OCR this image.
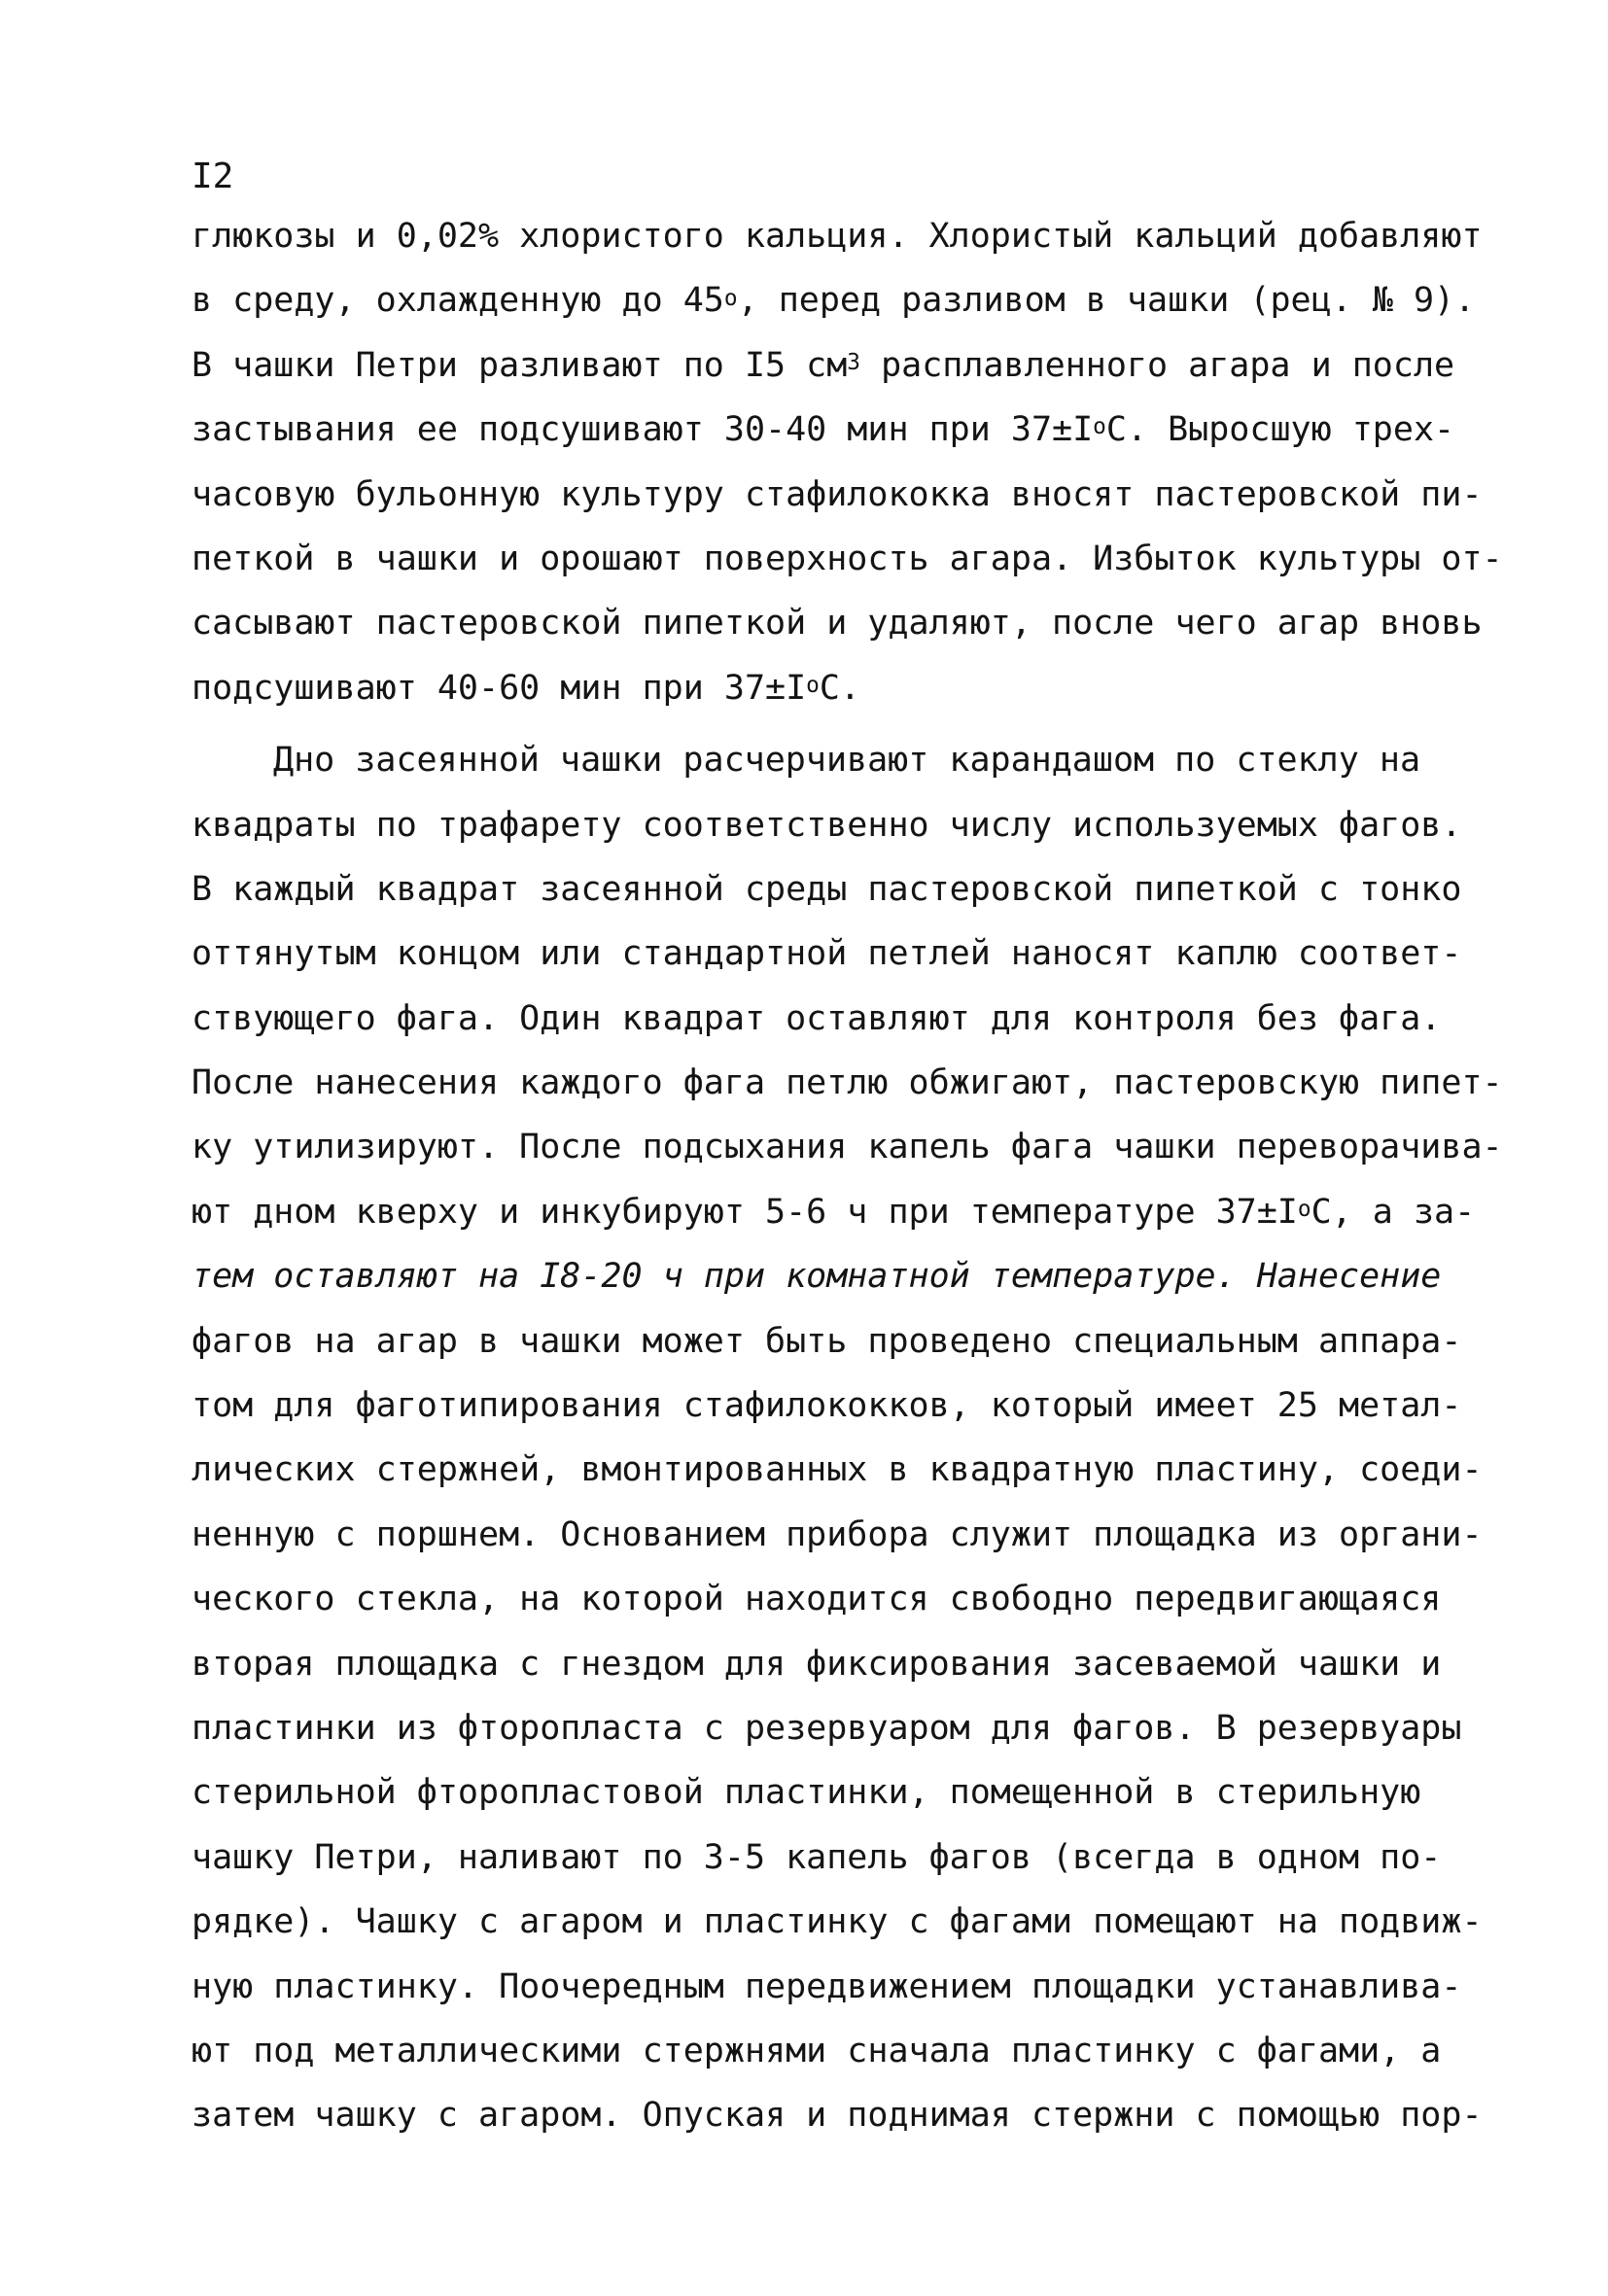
I2
глюкозы и 0,02% хлористого кальция. Хлористый кальций добавляют
в среду, охлажденную до $45^о$, перед разливом в чашки (рец. № 9).
В чашки Петри разливают по I5 $см^3$ расплавленного агара и после
застывания ее подсушивают 30-40 мин при $37\pm I^оС$. Выросшую трех-
часовую бульонную культуру стафилококка вносят пастеровской пи-
петкой в чашки и орошают поверхность агара. Избыток культуры от-
сасывают пастеровской пипеткой и удаляют, после чего агар вновь
подсушивают 40-60 мин при $37\pm I^оС$.
Дно засеянной чашки расчерчивают карандашом по стеклу на
квадраты по трафарету соответственно числу используемых фагов.
В каждый квадрат засеянной среды пастеровской пипеткой с тонко
оттянутым концом или стандартной петлей наносят каплю соответ-
ствующего фага. Один квадрат оставляют для контроля без фага.
После нанесения каждого фага петлю обжигают, пастеровскую пипет-
ку утилизируют. После подсыхания капель фага чашки переворачива-
ют дном кверху и инкубируют 5-6 ч при температуре $37\pm I^оС$, а за-
тем оставляют на I8-20 ч при комнатной температуре. Нанесение
фагов на агар в чашки может быть проведено специальным аппара-
том для фаготипирования стафилококков, который имеет 25 метал-
лических стержней, вмонтированных в квадратную пластину, соеди-
ненную с поршнем. Основанием прибора служит площадка из органи-
ческого стекла, на которой находится свободно передвигающаяся
вторая площадка с гнездом для фиксирования засеваемой чашки и
пластинки из фторопласта с резервуаром для фагов. В резервуары
стерильной фторопластовой пластинки, помещенной в стерильную
чашку Петри, наливают по 3-5 капель фагов (всегда в одном по-
рядке). Чашку с агаром и пластинку с фагами помещают на подвиж-
ную пластинку. Поочередным передвижением площадки устанавлива-
ют под металлическими стержнями сначала пластинку с фагами, а
затем чашку с агаром. Опуская и поднимая стержни с помощью пор-
